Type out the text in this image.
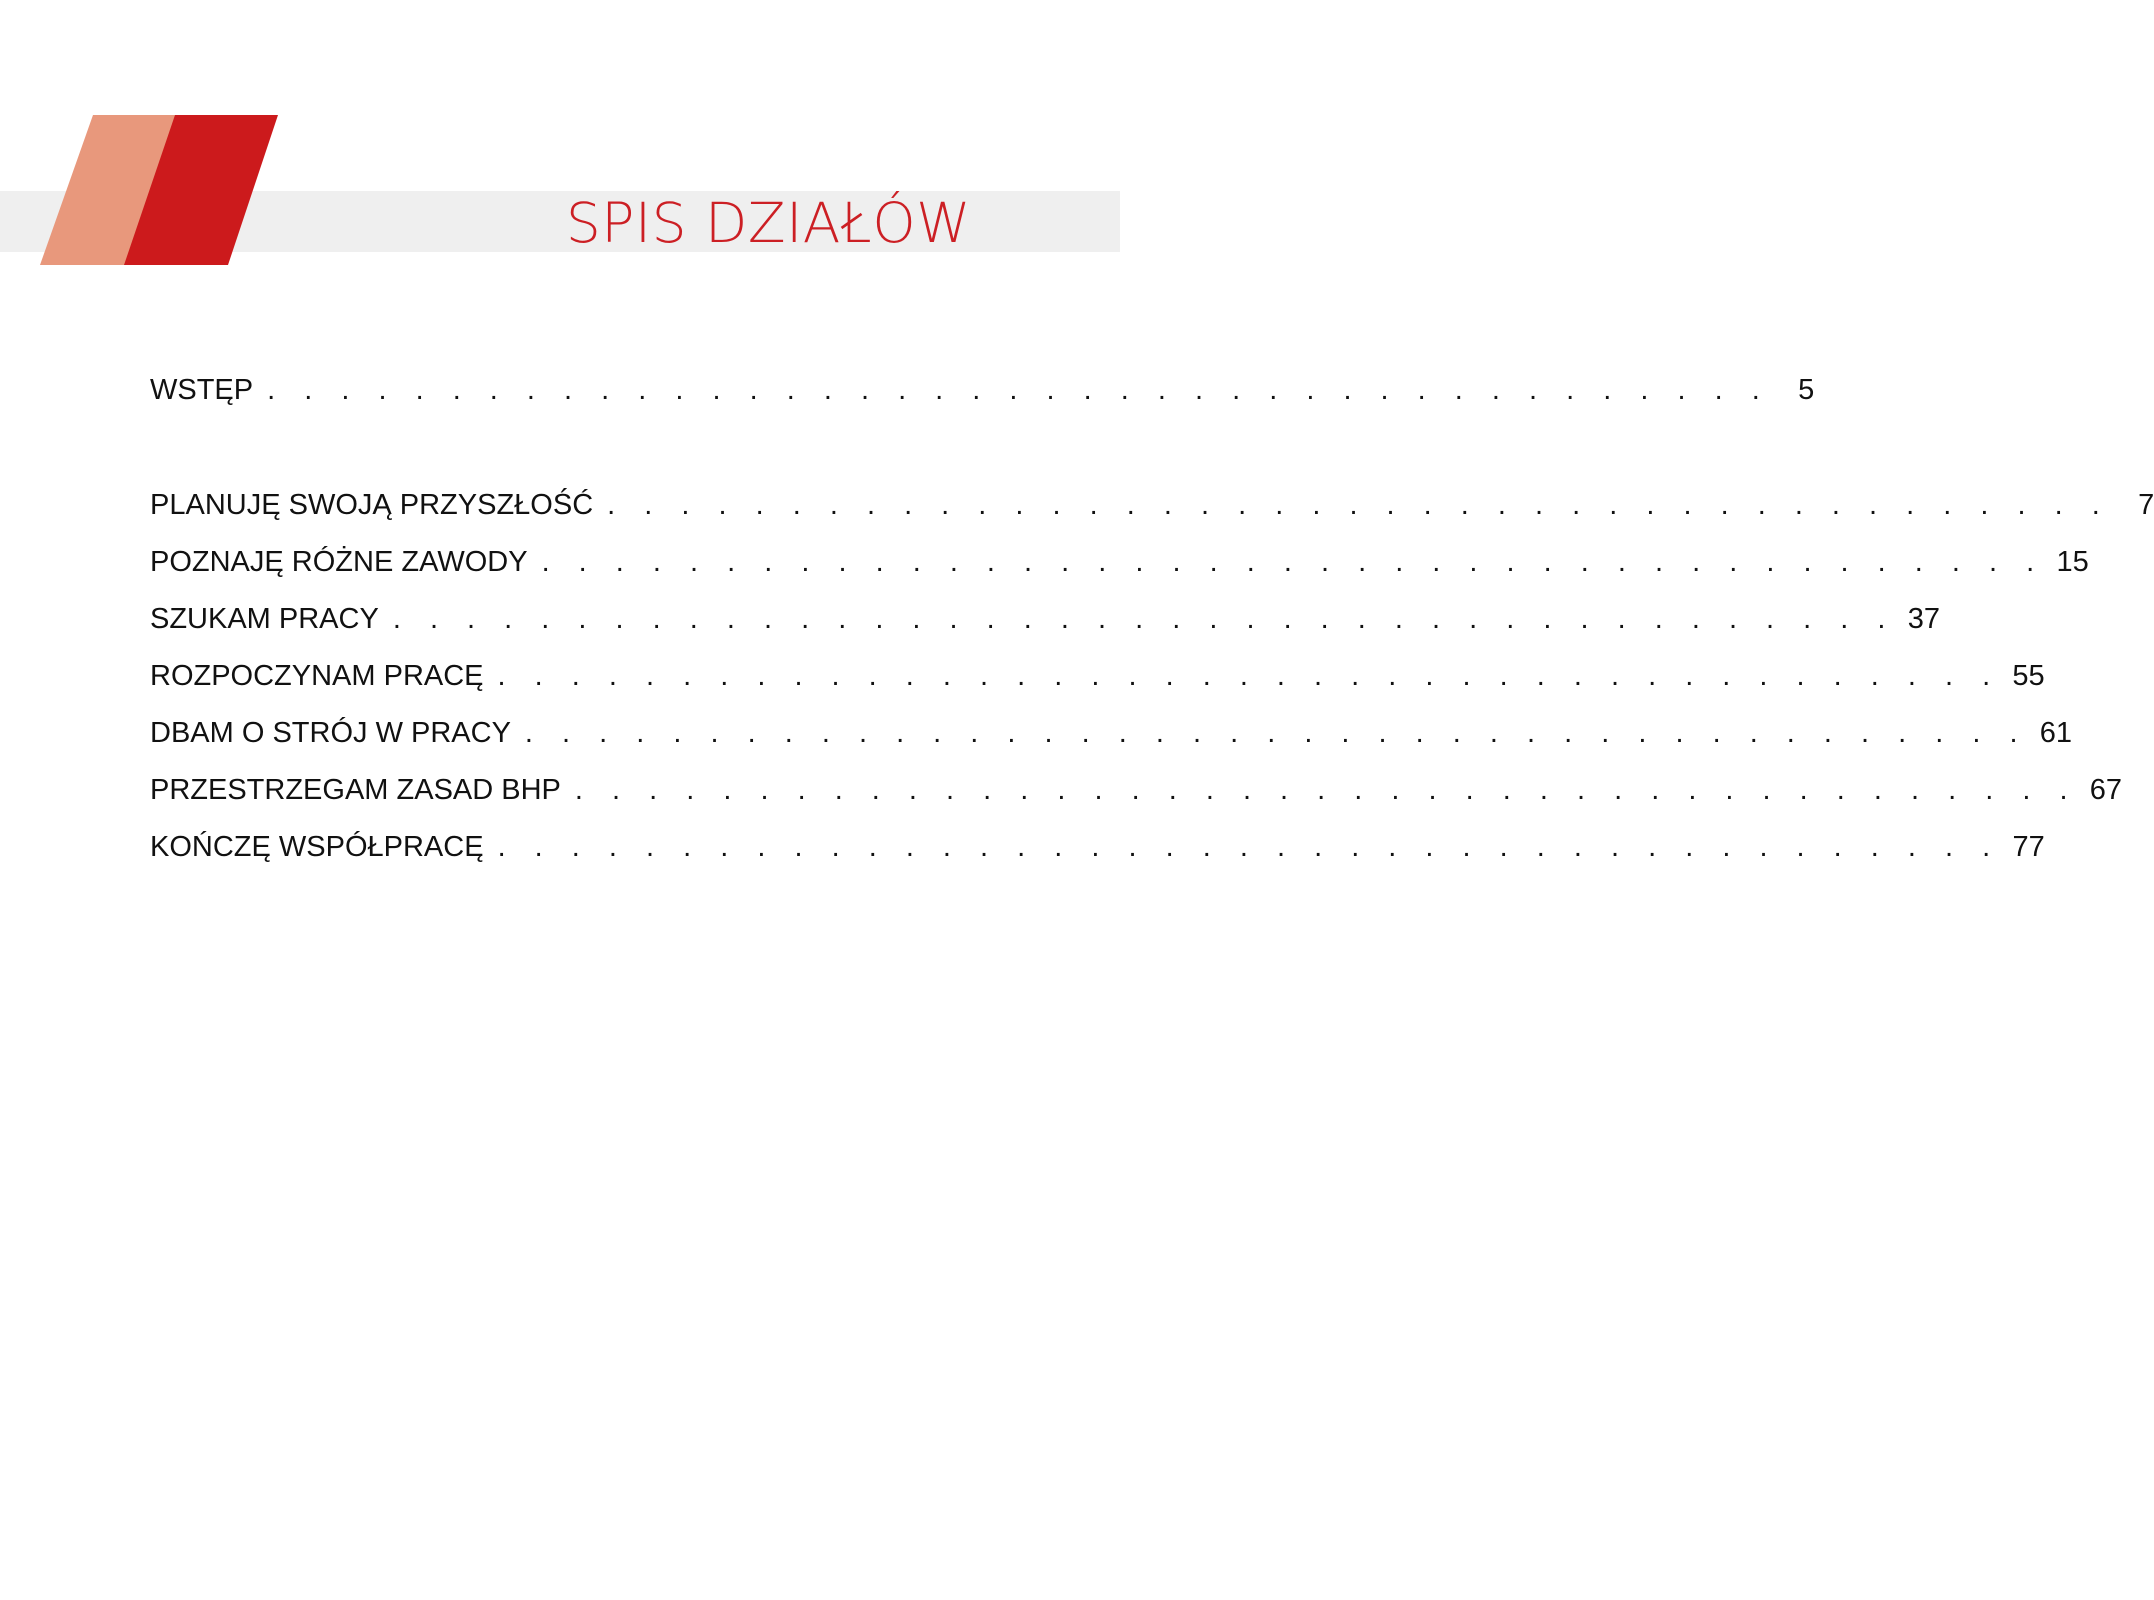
SPIS DZIAŁÓW
WSTĘP . . . . . . . . . . . . . . . . . . . . . . . . . . . . . . . . . . . . . . . . . 5
PLANUJĘ SWOJĄ PRZYSZŁOŚĆ . . . . . . . . . . . . . . . . . . . . . . . . . . . . . . . . . . . . . . . . . 7
POZNAJĘ RÓŻNE ZAWODY . . . . . . . . . . . . . . . . . . . . . . . . . . . . . . . . . . . . . . . . . 15
SZUKAM PRACY . . . . . . . . . . . . . . . . . . . . . . . . . . . . . . . . . . . . . . . . . 37
ROZPOCZYNAM PRACĘ . . . . . . . . . . . . . . . . . . . . . . . . . . . . . . . . . . . . . . . . . 55
DBAM O STRÓJ W PRACY . . . . . . . . . . . . . . . . . . . . . . . . . . . . . . . . . . . . . . . . . 61
PRZESTRZEGAM ZASAD BHP . . . . . . . . . . . . . . . . . . . . . . . . . . . . . . . . . . . . . . . . . 67
KOŃCZĘ WSPÓŁPRACĘ . . . . . . . . . . . . . . . . . . . . . . . . . . . . . . . . . . . . . . . . . 77
